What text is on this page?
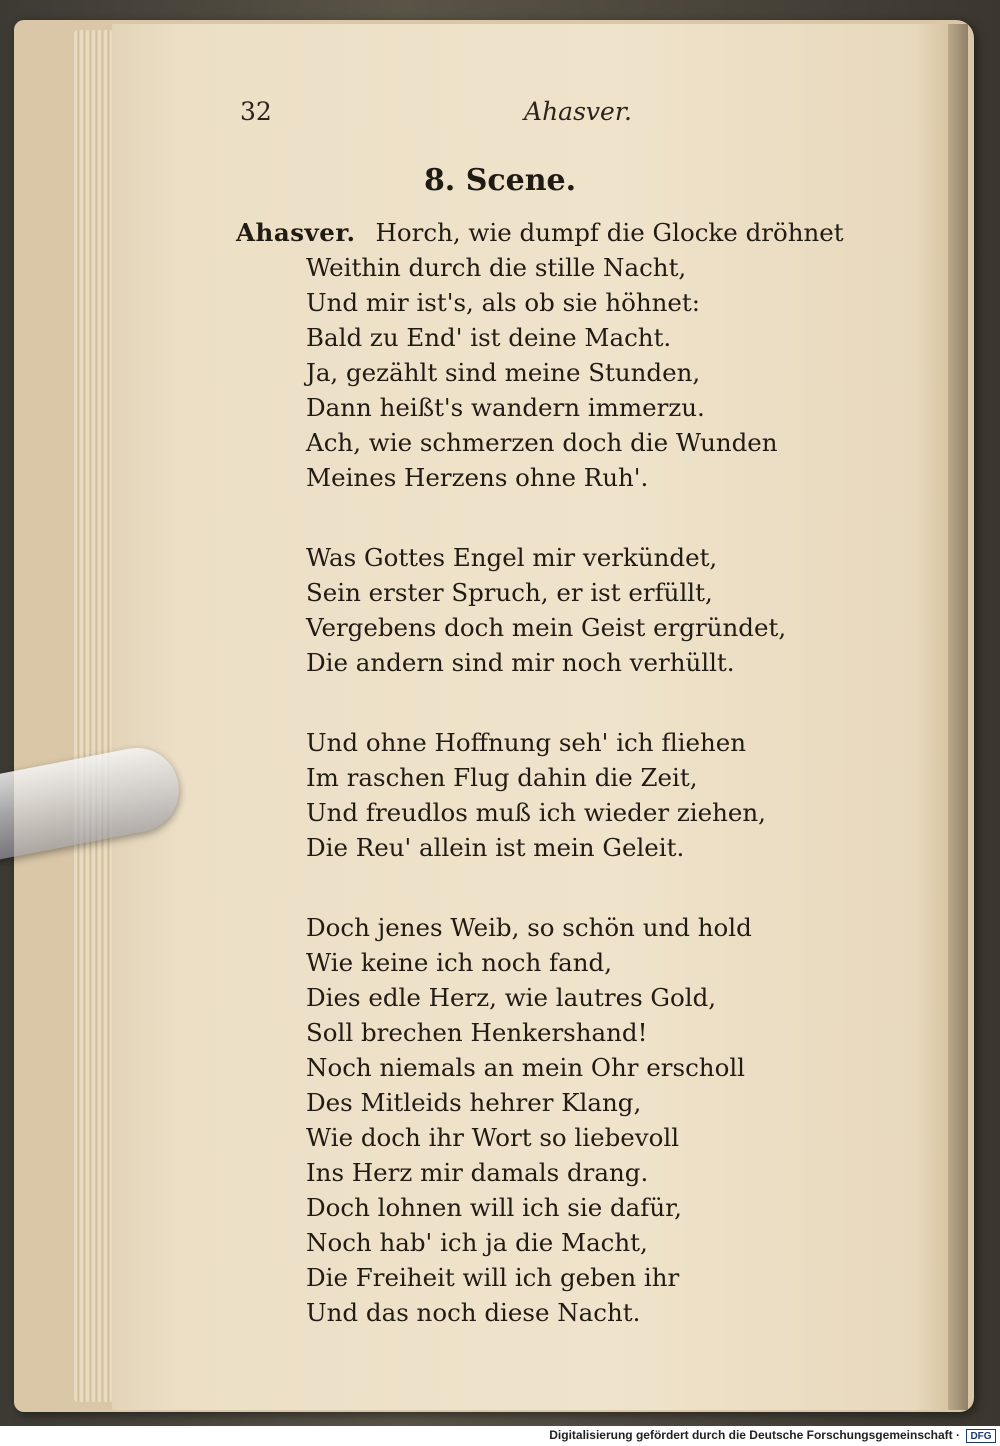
32	Ahasver.
8. Scene.
Ahasver. Horch, wie dumpf die Glocke dröhnet
Weithin durch die stille Nacht,
Und mir ist's, als ob sie höhnet:
Bald zu End' ist deine Macht.
Ja, gezählt sind meine Stunden,
Dann heißt's wandern immerzu.
Ach, wie schmerzen doch die Wunden
Meines Herzens ohne Ruh'.
Was Gottes Engel mir verkündet,
Sein erster Spruch, er ist erfüllt,
Vergebens doch mein Geist ergründet,
Die andern sind mir noch verhüllt.
Und ohne Hoffnung seh' ich fliehen
Im raschen Flug dahin die Zeit,
Und freudlos muß ich wieder ziehen,
Die Reu' allein ist mein Geleit.
Doch jenes Weib, so schön und hold
Wie keine ich noch fand,
Dies edle Herz, wie lautres Gold,
Soll brechen Henkershand!
Noch niemals an mein Ohr erscholl
Des Mitleids hehrer Klang,
Wie doch ihr Wort so liebevoll
Ins Herz mir damals drang.
Doch lohnen will ich sie dafür,
Noch hab' ich ja die Macht,
Die Freiheit will ich geben ihr
Und das noch diese Nacht.
Digitalisierung gefördert durch die Deutsche Forschungsgemeinschaft ·	DFG
